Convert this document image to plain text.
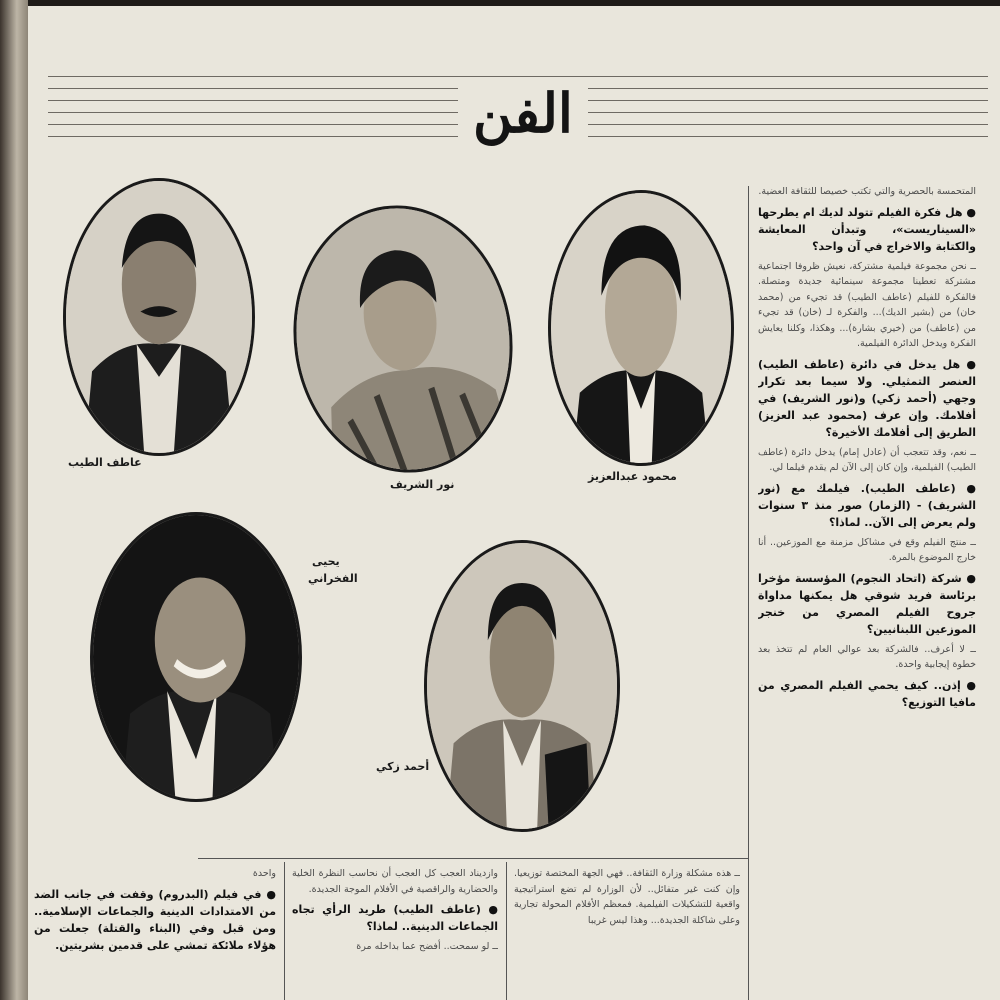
الفن
عاطف الطيب
نور الشريف
محمود عبدالعزيز
يحيى
الفخراني
أحمد زكي

المتحمسة بالحصرية والتي تكتب خصيصا للثقافة العضية.

● هل فكرة الفيلم تتولد لديك ام يطرحها «السيناريست»، وتبدأن المعايشة والكتابة والاخراج في آن واحد؟

ــ نحن مجموعة فيلمية مشتركة، نعيش ظروفا اجتماعية مشتركة تعطينا مجموعة سينمائية جديدة ومتصلة. فالفكرة للفيلم (عاطف الطيب) قد تجيء من (محمد خان) من (بشير الديك)... والفكرة لـ (خان) قد تجيء من (عاطف) من (خيري بشارة)... وهكذا، وكلنا يعايش الفكرة ويدخل الدائرة الفيلمية.

● هل يدخل في دائرة (عاطف الطيب) العنصر التمثيلي. ولا سيما بعد تكرار وجهي (أحمد زكي) و(نور الشريف) في أفلامك. وإن عرف (محمود عبد العزيز) الطريق إلى أفلامك الأخيرة؟

ــ نعم، وقد تتعجب أن (عادل إمام) يدخل دائرة (عاطف الطيب) الفيلمية، وإن كان إلى الآن لم يقدم فيلما لي.

● (عاطف الطيب). فيلمك مع (نور الشريف) - (الزمار) صور منذ ٣ سنوات ولم يعرض إلى الآن.. لماذا؟

ــ منتج الفيلم وقع في مشاكل مزمنة مع الموزعين.. أنا خارج الموضوع بالمرة.

● شركة (اتحاد النجوم) المؤسسة مؤخرا برئاسة فريد شوقي هل يمكنها مداواة جروح الفيلم المصري من خنجر الموزعين اللبنانيين؟

ــ لا أعرف.. فالشركة بعد عوالي العام لم تتخذ بعد خطوة إيجابية واحدة.

● إذن.. كيف يحمي الفيلم المصري من مافيا التوزيع؟

ــ هذه مشكلة وزارة الثقافة.. فهي الجهة المختصة توزيعيا. وإن كنت غير متفائل.. لأن الوزارة لم تضع استراتيجية واقعية للتشكيلات الفيلمية. فمعظم الأفلام المحولة تجارية وعلى شاكلة الجديدة... وهذا ليس غريبا

وازديناد العجب كل العجب أن نحاسب النظرة الخلية والحضارية والراقصية في الأفلام الموجة الجديدة.

● (عاطف الطيب) طريد الرأي تجاه الجماعات الدينية.. لماذا؟

ــ لو سمحت.. أفضح عما بداخله مرة

واحدة

● في فيلم (البدروم) وقفت في جانب الضد من الامتدادات الدينية والجماعات الإسلامية.. ومن قبل وفي (البناء والقتلة) جعلت من هؤلاء ملائكة تمشي على قدمين بشريتين.
